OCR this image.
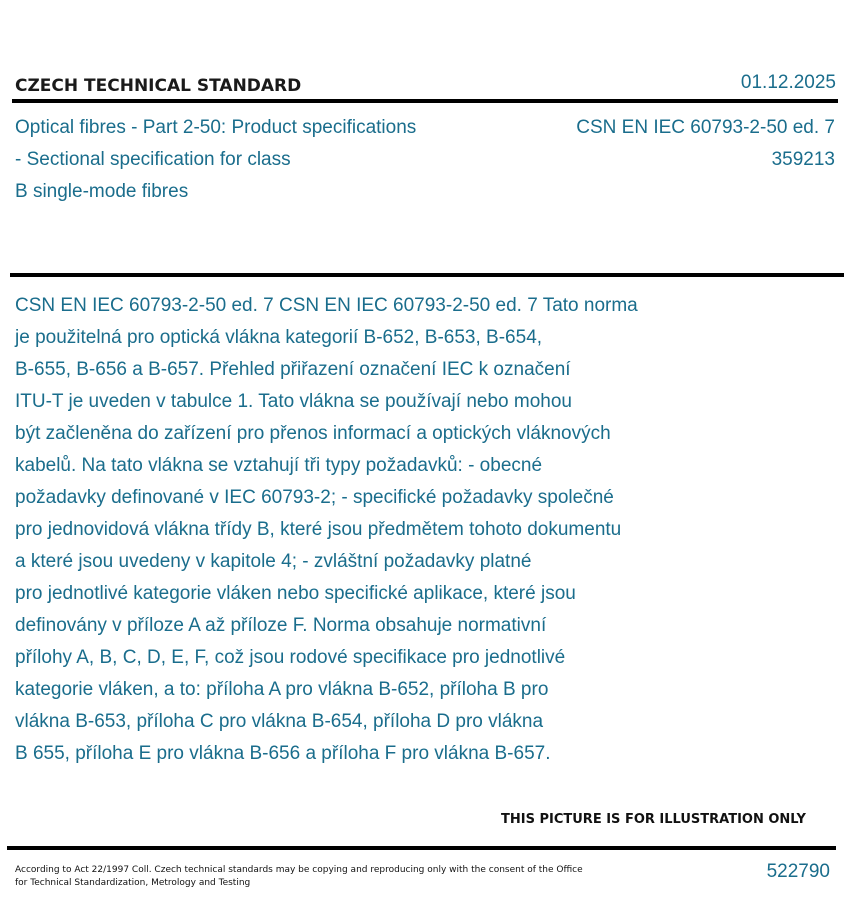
CZECH TECHNICAL STANDARD	01.12.2025
Optical fibres - Part 2-50: Product specifications
- Sectional specification for class
B single-mode fibres
CSN EN IEC 60793-2-50 ed. 7
359213
CSN EN IEC 60793-2-50 ed. 7 CSN EN IEC 60793-2-50 ed. 7 Tato norma
je použitelná pro optická vlákna kategorií B-652, B-653, B-654,
B-655, B-656 a B-657. Přehled přiřazení označení IEC k označení
ITU-T je uveden v tabulce 1. Tato vlákna se používají nebo mohou
být začleněna do zařízení pro přenos informací a optických vláknových
kabelů. Na tato vlákna se vztahují tři typy požadavků: - obecné
požadavky definované v IEC 60793-2; - specifické požadavky společné
pro jednovidová vlákna třídy B, které jsou předmětem tohoto dokumentu
a které jsou uvedeny v kapitole 4; - zvláštní požadavky platné
pro jednotlivé kategorie vláken nebo specifické aplikace, které jsou
definovány v příloze A až příloze F. Norma obsahuje normativní
přílohy A, B, C, D, E, F, což jsou rodové specifikace pro jednotlivé
kategorie vláken, a to: příloha A pro vlákna B-652, příloha B pro
vlákna B-653, příloha C pro vlákna B-654, příloha D pro vlákna
B 655, příloha E pro vlákna B-656 a příloha F pro vlákna B-657.
THIS PICTURE IS FOR ILLUSTRATION ONLY
According to Act 22/1997 Coll. Czech technical standards may be copying and reproducing only with the consent of the Office
for Technical Standardization, Metrology and Testing
522790
